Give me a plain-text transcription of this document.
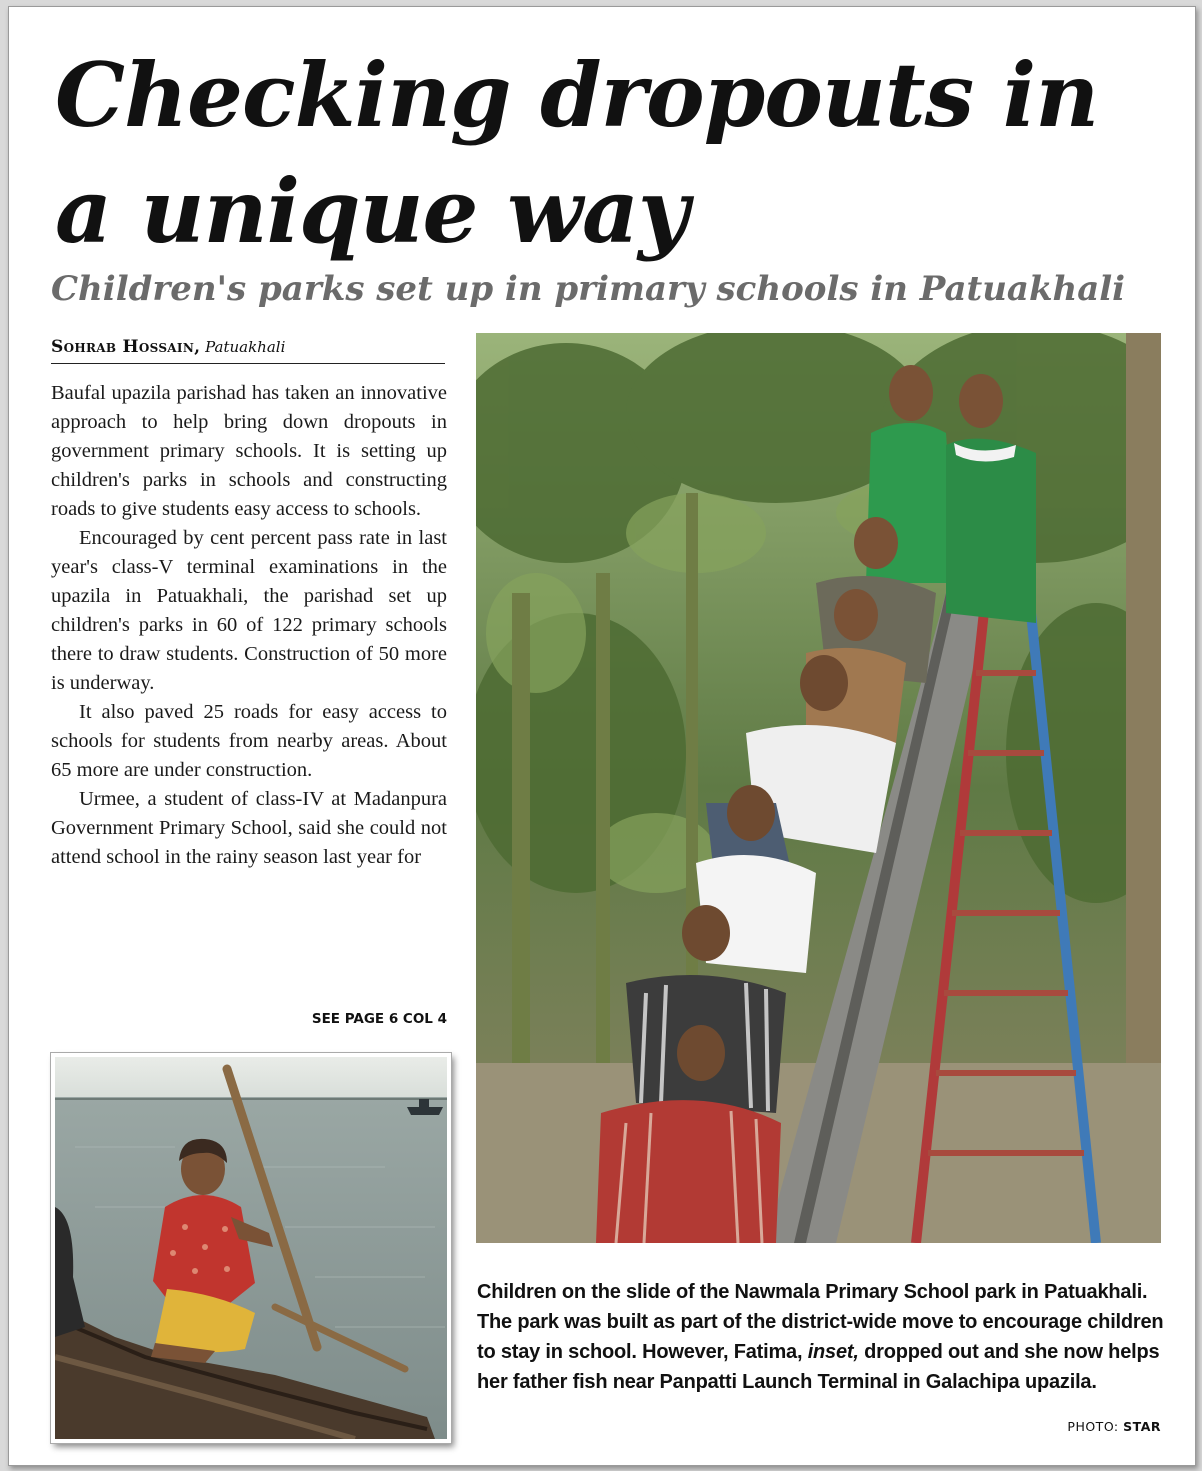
Checking dropouts in a unique way
Children's parks set up in primary schools in Patuakhali
Sohrab Hossain, Patuakhali

Baufal upazila parishad has taken an innovative approach to help bring down dropouts in government primary schools. It is setting up children's parks in schools and constructing roads to give students easy access to schools.

Encouraged by cent percent pass rate in last year's class-V terminal examinations in the upazila in Patuakhali, the parishad set up children's parks in 60 of 122 primary schools there to draw students. Construction of 50 more is underway.

It also paved 25 roads for easy access to schools for students from nearby areas. About 65 more are under construction.

Urmee, a student of class-IV at Madanpura Government Primary School, said she could not attend school in the rainy season last year for

SEE PAGE 6 COL 4

Children on the slide of the Nawmala Primary School park in Patuakhali. The park was built as part of the district-wide move to encourage children to stay in school. However, Fatima, inset, dropped out and she now helps her father fish near Panpatti Launch Terminal in Galachipa upazila.

PHOTO: STAR
